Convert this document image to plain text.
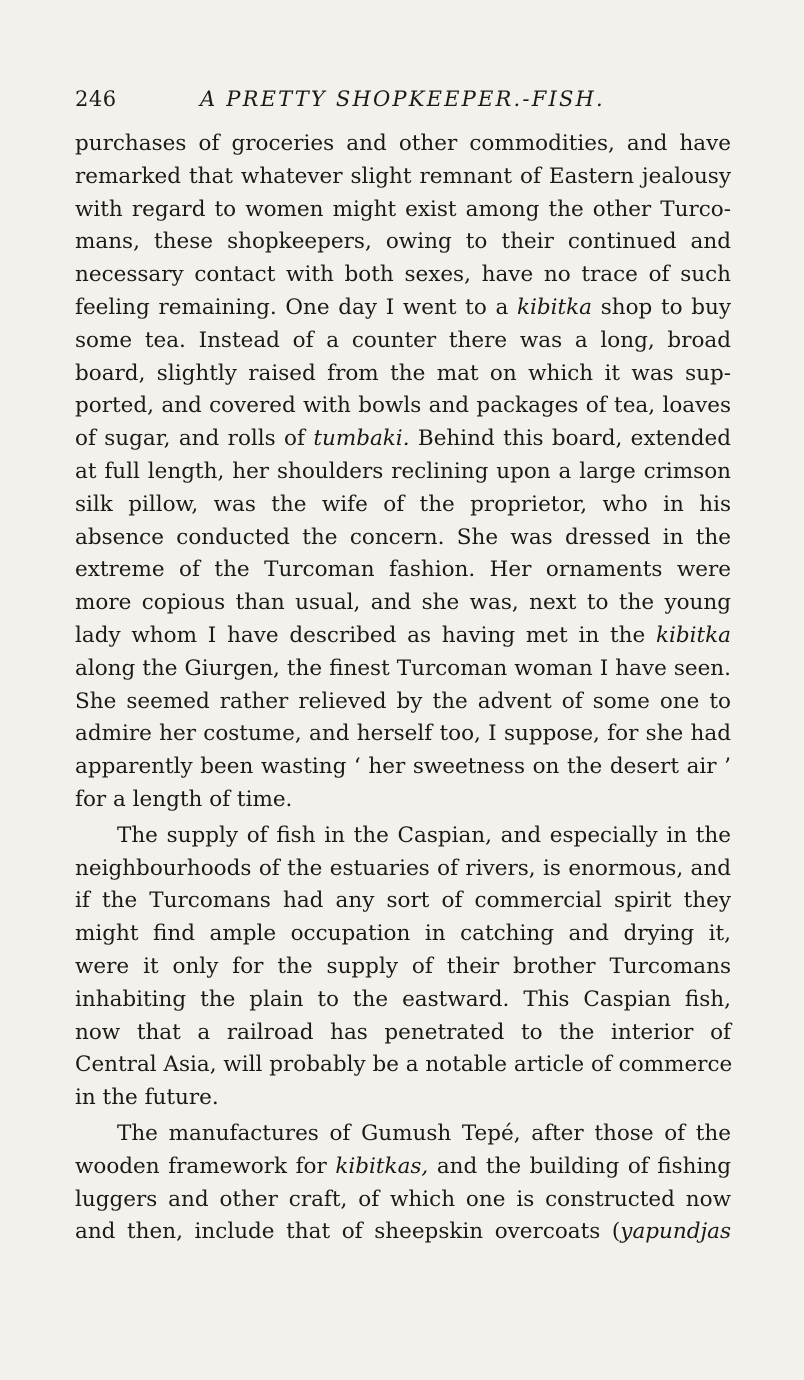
246	A PRETTY SHOPKEEPER.-FISH.
purchases of groceries and other commodities, and have
remarked that whatever slight remnant of Eastern jealousy
with regard to women might exist among the other Turco-
mans, these shopkeepers, owing to their continued and
necessary contact with both sexes, have no trace of such
feeling remaining. One day I went to a kibitka shop to buy
some tea. Instead of a counter there was a long, broad
board, slightly raised from the mat on which it was sup-
ported, and covered with bowls and packages of tea, loaves
of sugar, and rolls of tumbaki. Behind this board, extended
at full length, her shoulders reclining upon a large crimson
silk pillow, was the wife of the proprietor, who in his
absence conducted the concern. She was dressed in the
extreme of the Turcoman fashion. Her ornaments were
more copious than usual, and she was, next to the young
lady whom I have described as having met in the kibitka
along the Giurgen, the finest Turcoman woman I have seen.
She seemed rather relieved by the advent of some one to
admire her costume, and herself too, I suppose, for she had
apparently been wasting ‘ her sweetness on the desert air ’
for a length of time.
The supply of fish in the Caspian, and especially in the
neighbourhoods of the estuaries of rivers, is enormous, and
if the Turcomans had any sort of commercial spirit they
might find ample occupation in catching and drying it,
were it only for the supply of their brother Turcomans
inhabiting the plain to the eastward. This Caspian fish,
now that a railroad has penetrated to the interior of
Central Asia, will probably be a notable article of commerce
in the future.
The manufactures of Gumush Tepé, after those of the
wooden framework for kibitkas, and the building of fishing
luggers and other craft, of which one is constructed now
and then, include that of sheepskin overcoats (yapundjas
